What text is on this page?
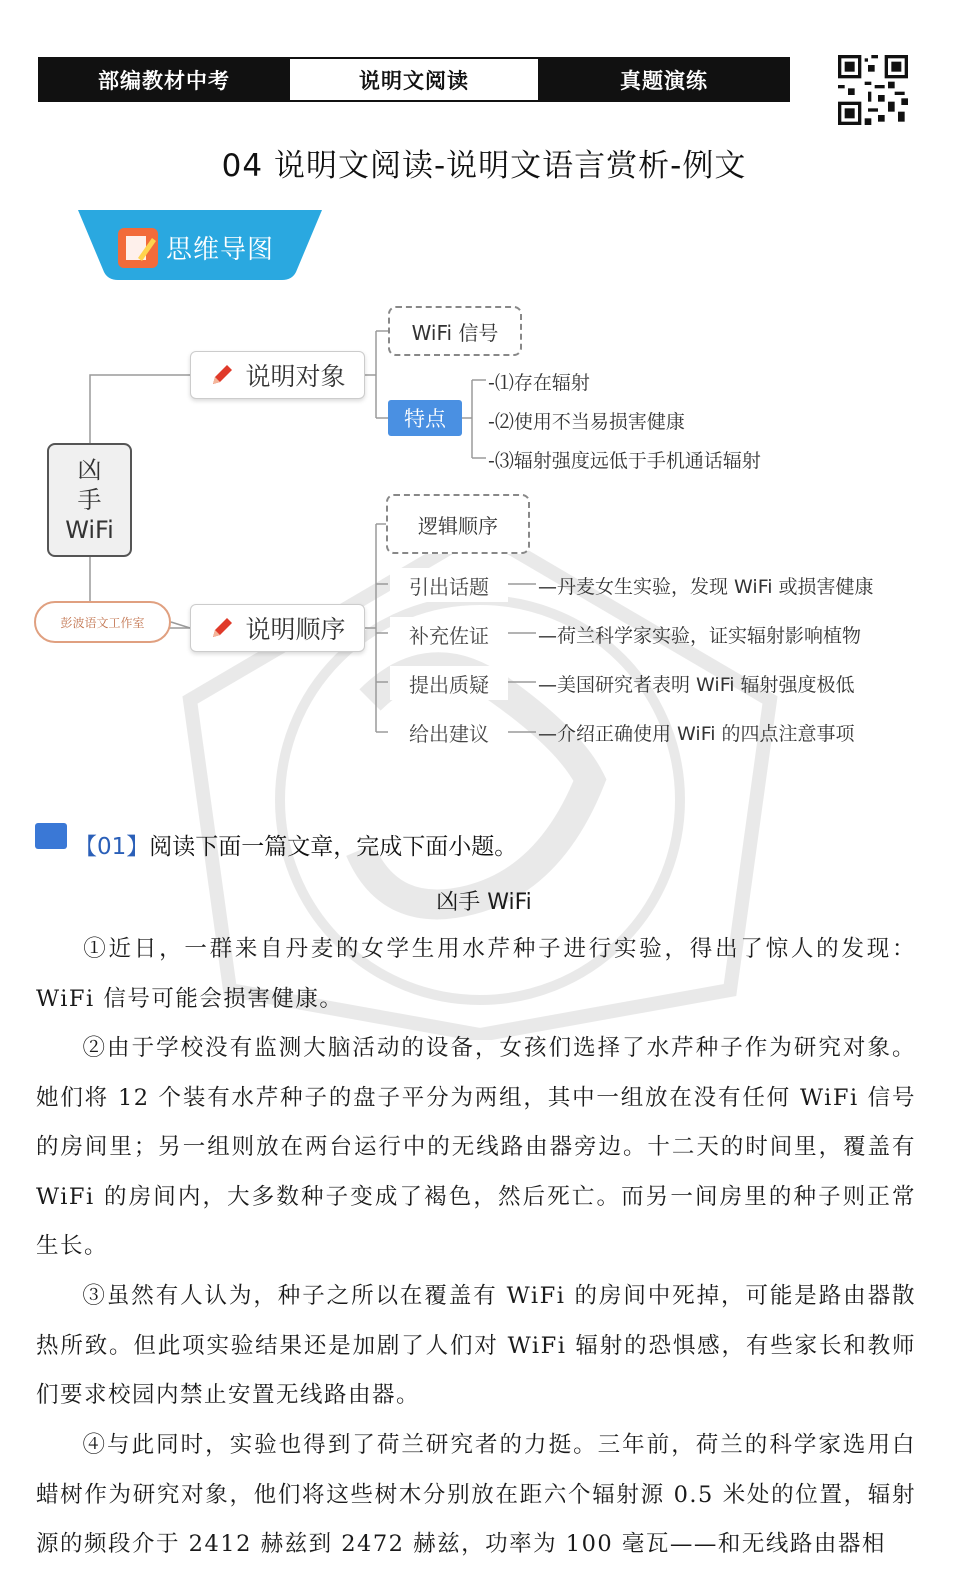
部编教材中考	说明文阅读	真题演练
04 说明文阅读-说明文语言赏析-例文
思维导图
凶
手
WiFi
彭波语文工作室
说明对象
WiFi 信号
特点
-⑴存在辐射
-⑵使用不当易损害健康
-⑶辐射强度远低于手机通话辐射
说明顺序
逻辑顺序
引出话题
补充佐证
提出质疑
给出建议
—丹麦女生实验，发现 WiFi 或损害健康
—荷兰科学家实验，证实辐射影响植物
—美国研究者表明 WiFi 辐射强度极低
—介绍正确使用 WiFi 的四点注意事项
【01】阅读下面一篇文章，完成下面小题。
凶手 WiFi
①近日，一群来自丹麦的女学生用水芹种子进行实验，得出了惊人的发现：WiFi 信号可能会损害健康。
②由于学校没有监测大脑活动的设备，女孩们选择了水芹种子作为研究对象。她们将 12 个装有水芹种子的盘子平分为两组，其中一组放在没有任何 WiFi 信号的房间里；另一组则放在两台运行中的无线路由器旁边。十二天的时间里，覆盖有 WiFi 的房间内，大多数种子变成了褐色，然后死亡。而另一间房里的种子则正常生长。
③虽然有人认为，种子之所以在覆盖有 WiFi 的房间中死掉，可能是路由器散热所致。但此项实验结果还是加剧了人们对 WiFi 辐射的恐惧感，有些家长和教师们要求校园内禁止安置无线路由器。
④与此同时，实验也得到了荷兰研究者的力挺。三年前，荷兰的科学家选用白蜡树作为研究对象，他们将这些树木分别放在距六个辐射源 0.5 米处的位置，辐射源的频段介于 2412 赫兹到 2472 赫兹，功率为 100 毫瓦——和无线路由器相
